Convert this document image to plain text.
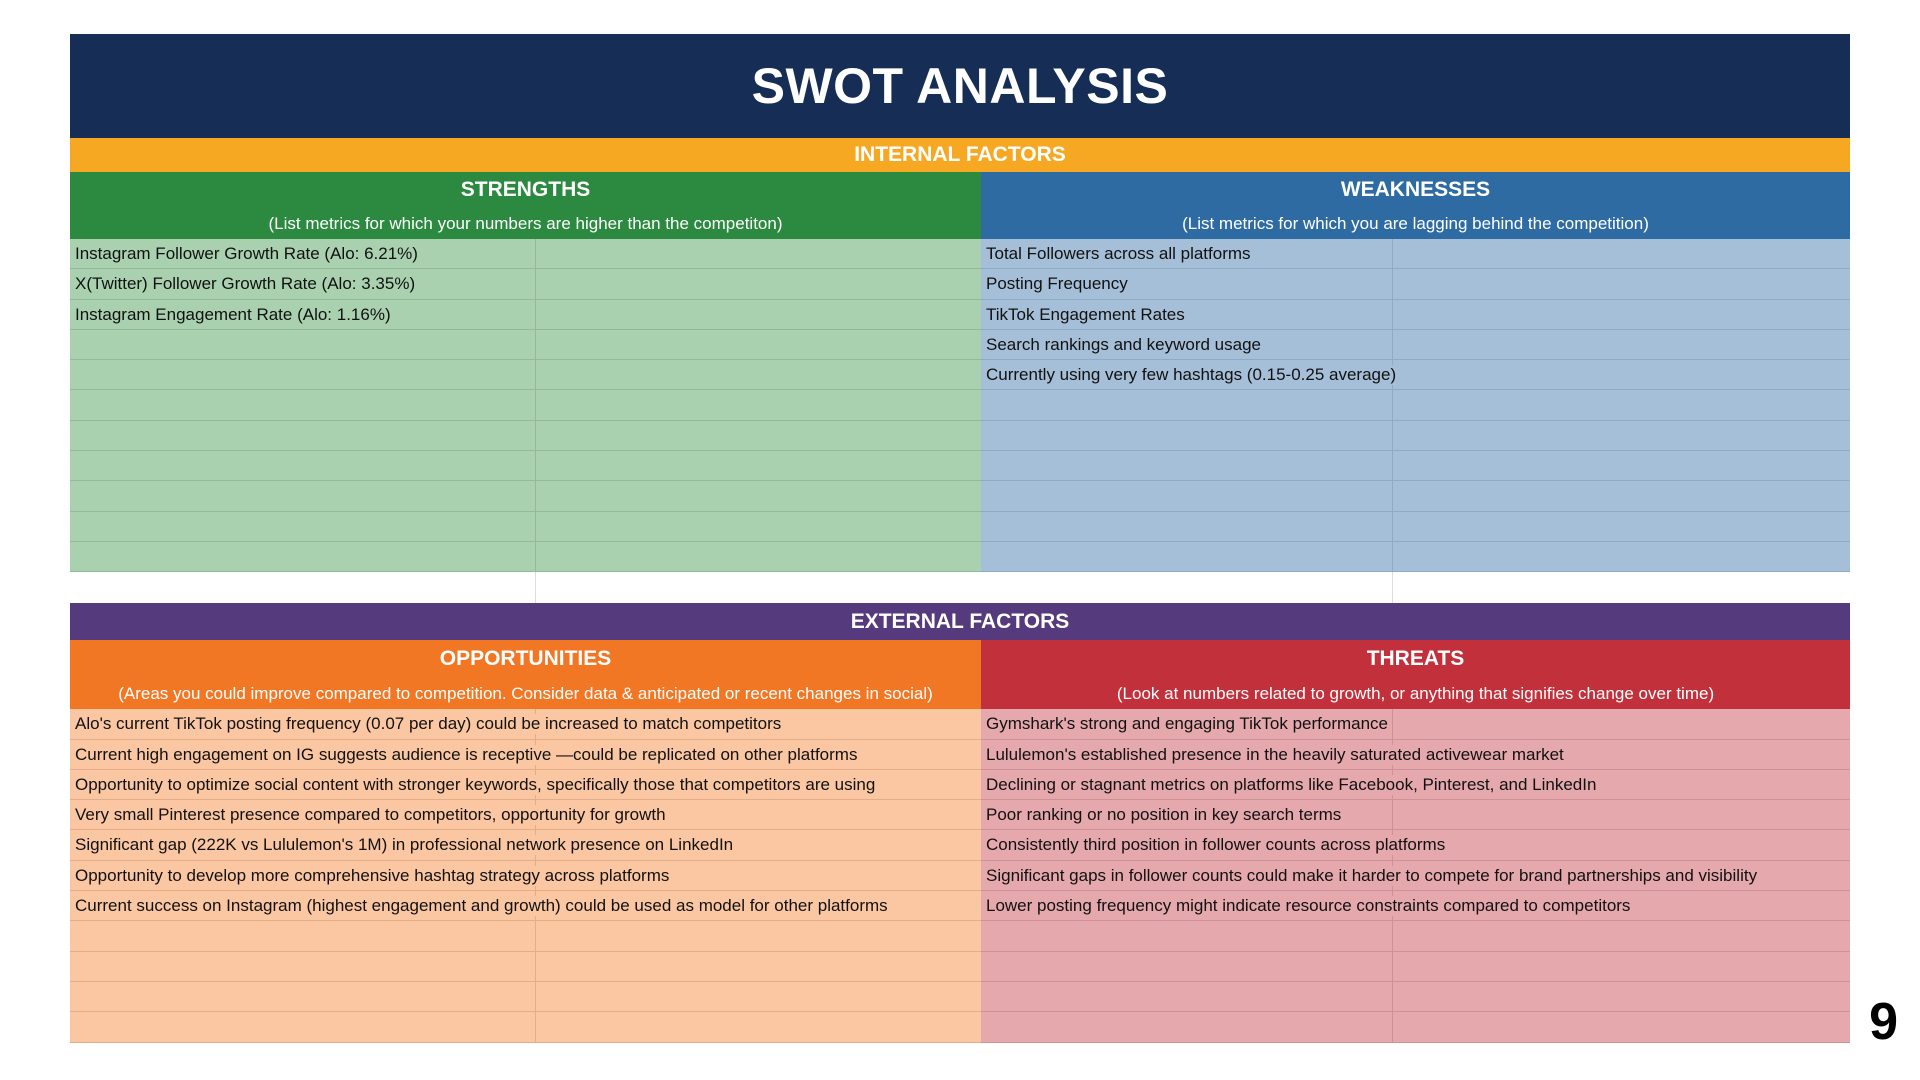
SWOT ANALYSIS
INTERNAL FACTORS
STRENGTHS
(List metrics for which your numbers are higher than the competiton)
Instagram Follower Growth Rate (Alo: 6.21%)
X(Twitter) Follower Growth Rate (Alo: 3.35%)
Instagram Engagement Rate (Alo: 1.16%)
WEAKNESSES
(List metrics for which you are lagging behind the competition)
Total Followers across all platforms
Posting Frequency
TikTok Engagement Rates
Search rankings and keyword usage
Currently using very few hashtags (0.15-0.25 average)
EXTERNAL FACTORS
OPPORTUNITIES
(Areas you could improve compared to competition. Consider data & anticipated or recent changes in social)
Alo's current TikTok posting frequency (0.07 per day) could be increased to match competitors
Current high engagement on IG suggests audience is receptive —could be replicated on other platforms
Opportunity to optimize social content with stronger keywords, specifically those that competitors are using
Very small Pinterest presence compared to competitors, opportunity for growth
Significant gap (222K vs Lululemon's 1M) in professional network presence on LinkedIn
Opportunity to develop more comprehensive hashtag strategy across platforms
Current success on Instagram (highest engagement and growth) could be used as model for other platforms
THREATS
(Look at numbers related to growth, or anything that signifies change over time)
Gymshark's strong and engaging TikTok performance
Lululemon's established presence in the heavily saturated activewear market
Declining or stagnant metrics on platforms like Facebook, Pinterest, and LinkedIn
Poor ranking or no position in key search terms
Consistently third position in follower counts across platforms
Significant gaps in follower counts could make it harder to compete for brand partnerships and visibility
Lower posting frequency might indicate resource constraints compared to competitors
9
